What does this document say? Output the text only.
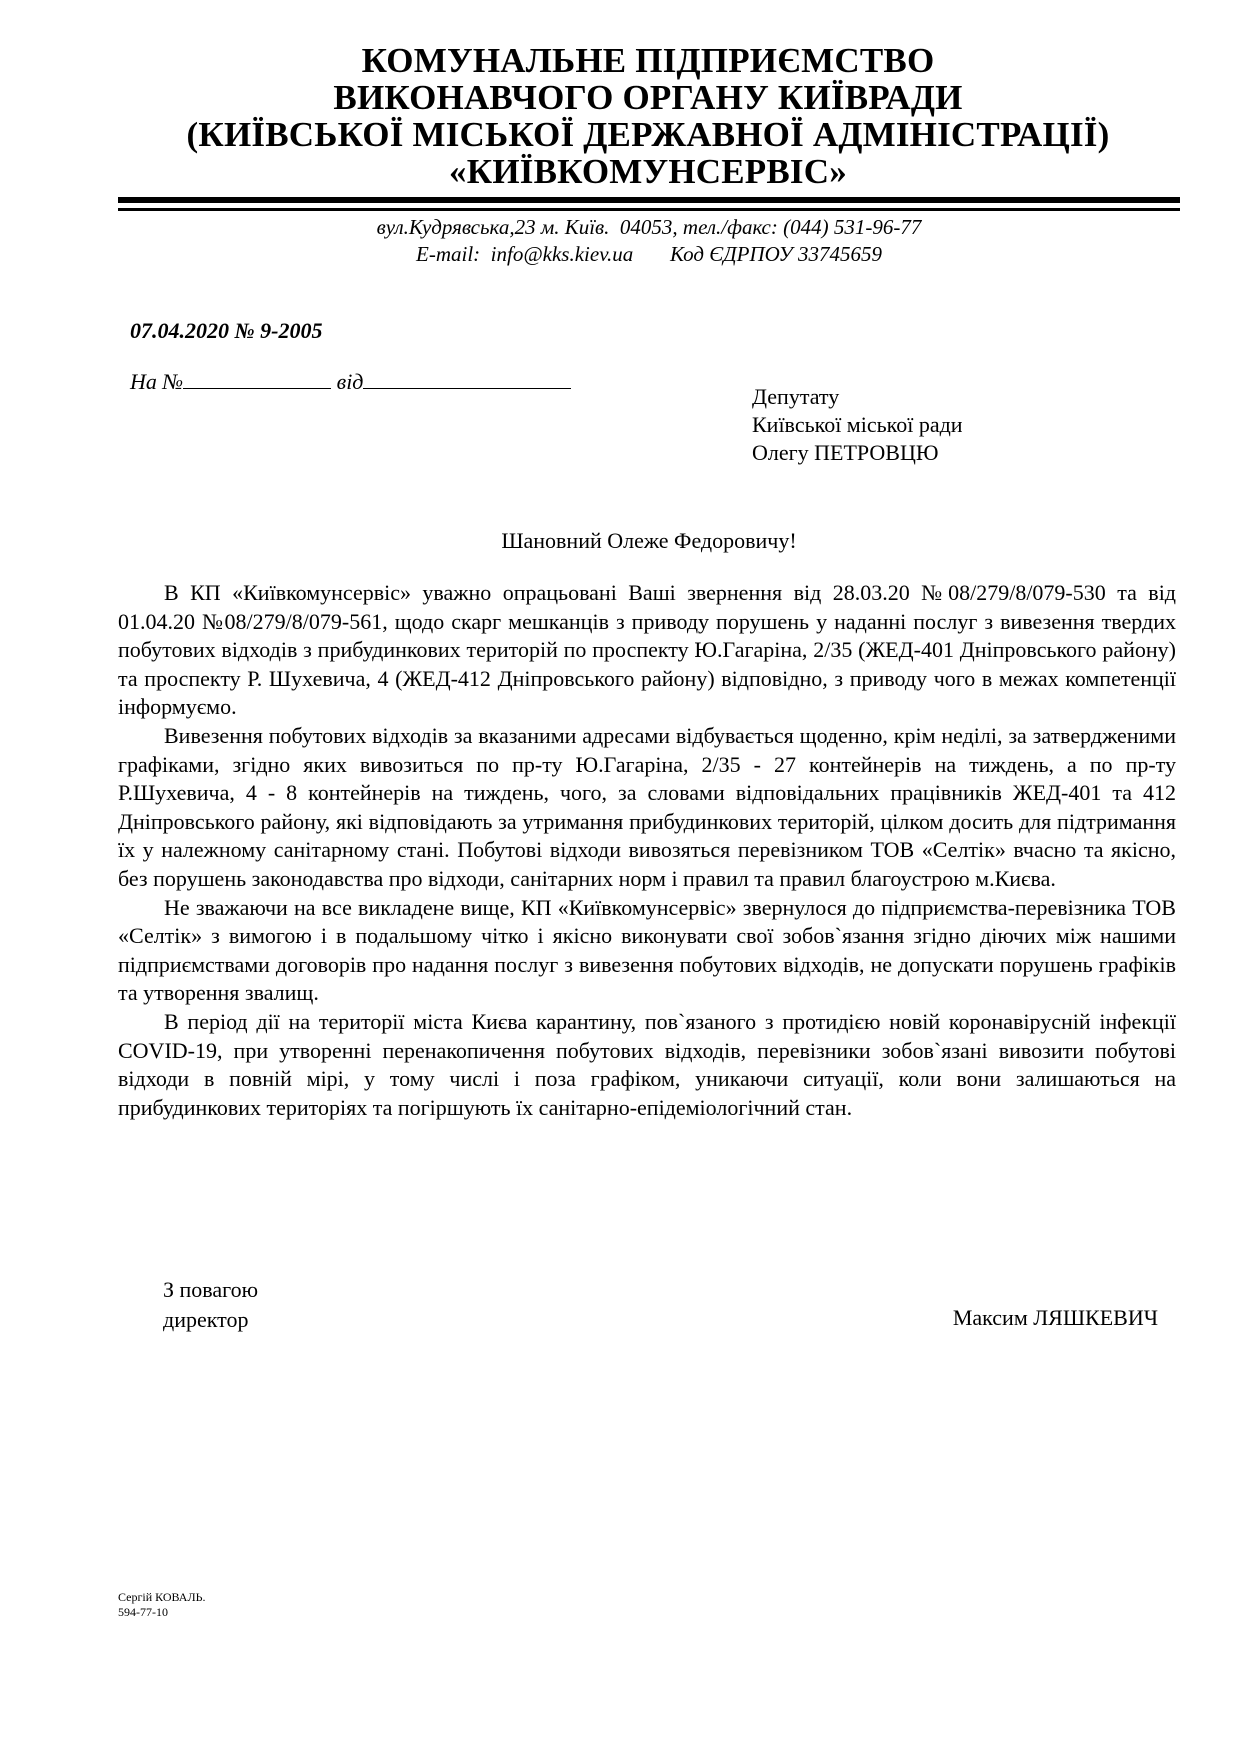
КОМУНАЛЬНЕ ПІДПРИЄМСТВО
ВИКОНАВЧОГО ОРГАНУ КИЇВРАДИ
(КИЇВСЬКОЇ МІСЬКОЇ ДЕРЖАВНОЇ АДМІНІСТРАЦІЇ)
«КИЇВКОМУНСЕРВІС»
вул.Кудрявська,23 м. Київ.  04053, тел./факс: (044) 531-96-77
E-mail:  info@kks.kiev.ua       Код ЄДРПОУ 33745659
07.04.2020 № 9-2005
На №	від
Депутату
Київської міської ради
Олегу ПЕТРОВЦЮ
Шановний Олеже Федоровичу!

В КП «Київкомунсервіс» уважно опрацьовані Ваші звернення від 28.03.20 №08/279/8/079-530 та від 01.04.20 №08/279/8/079-561, щодо скарг мешканців з приводу порушень у наданні послуг з вивезення твердих побутових відходів з прибудинкових територій по проспекту Ю.Гагаріна, 2/35 (ЖЕД-401 Дніпровського району) та проспекту Р. Шухевича, 4 (ЖЕД-412 Дніпровського району) відповідно, з приводу чого в межах компетенції інформуємо.

Вивезення побутових відходів за вказаними адресами відбувається щоденно, крім неділі, за затвердженими графіками, згідно яких вивозиться по пр-ту Ю.Гагаріна, 2/35 - 27 контейнерів на тиждень, а по пр-ту Р.Шухевича, 4 - 8 контейнерів на тиждень, чого, за словами відповідальних працівників ЖЕД-401 та 412 Дніпровського району, які відповідають за утримання прибудинкових територій, цілком досить для підтримання їх у належному санітарному стані. Побутові відходи вивозяться перевізником ТОВ «Селтік» вчасно та якісно, без порушень законодавства про відходи, санітарних норм і правил та правил благоустрою м.Києва.

Не зважаючи на все викладене вище, КП «Київкомунсервіс» звернулося до підприємства-перевізника ТОВ «Селтік» з вимогою і в подальшому чітко і якісно виконувати свої зобов`язання згідно діючих між нашими підприємствами договорів про надання послуг з вивезення побутових відходів, не допускати порушень графіків та утворення звалищ.

В період дії на території міста Києва карантину, пов`язаного з протидією новій коронавірусній інфекції COVID-19, при утворенні перенакопичення побутових відходів, перевізники зобов`язані вивозити побутові відходи в повній мірі, у тому числі і поза графіком, уникаючи ситуації, коли вони залишаються на прибудинкових територіях та погіршують їх санітарно-епідеміологічний стан.

З повагою
директор	Максим ЛЯШКЕВИЧ
Сергій КОВАЛЬ.
594-77-10
